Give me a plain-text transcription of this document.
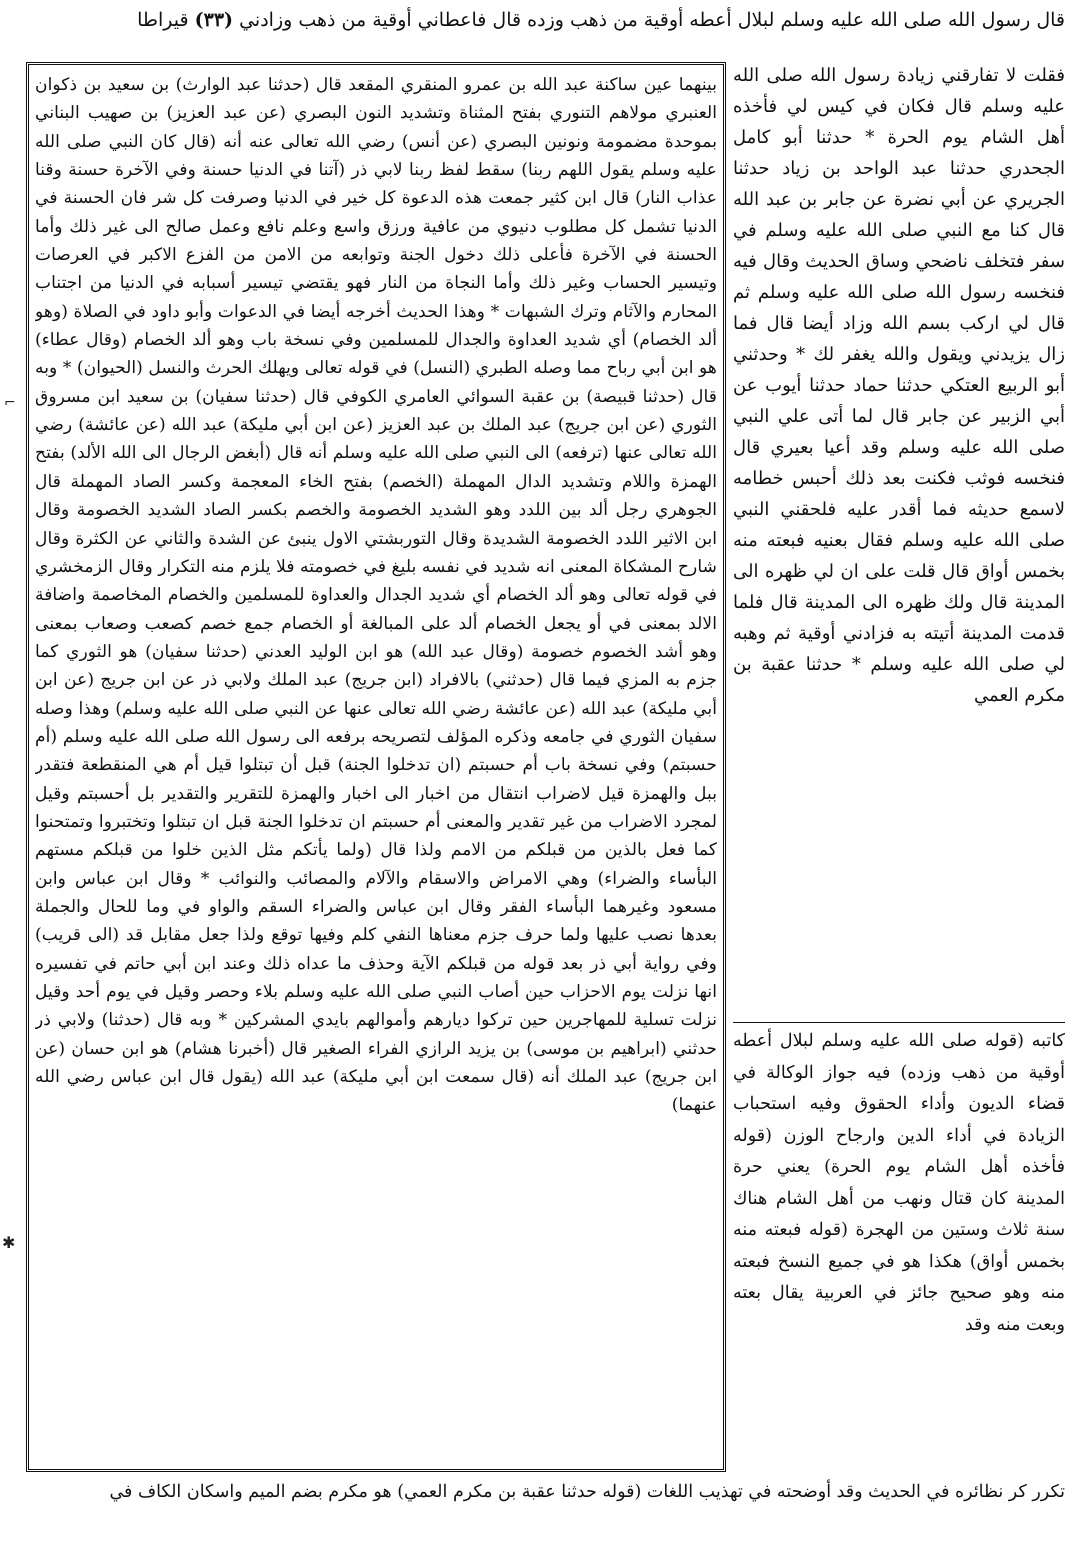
قال رسول الله صلى الله عليه وسلم لبلال أعطه أوقية من ذهب وزده قال فاعطاني أوقية من ذهب وزادني (٣٣) قيراطا

بينهما عين ساكنة عبد الله بن عمرو المنقري المقعد قال (حدثنا عبد الوارث) بن سعيد بن ذكوان العنبري مولاهم التنوري بفتح المثناة وتشديد النون البصري (عن عبد العزيز) بن صهيب البناني بموحدة مضمومة ونونين البصري (عن أنس) رضي الله تعالى عنه أنه (قال كان النبي صلى الله عليه وسلم يقول اللهم ربنا) سقط لفظ ربنا لابي ذر (آتنا في الدنيا حسنة وفي الآخرة حسنة وقنا عذاب النار) قال ابن كثير جمعت هذه الدعوة كل خير في الدنيا وصرفت كل شر فان الحسنة في الدنيا تشمل كل مطلوب دنيوي من عافية ورزق واسع وعلم نافع وعمل صالح الى غير ذلك وأما الحسنة في الآخرة فأعلى ذلك دخول الجنة وتوابعه من الامن من الفزع الاكبر في العرصات وتيسير الحساب وغير ذلك وأما النجاة من النار فهو يقتضي تيسير أسبابه في الدنيا من اجتناب المحارم والآثام وترك الشبهات * وهذا الحديث أخرجه أيضا في الدعوات وأبو داود في الصلاة (وهو ألد الخصام) أي شديد العداوة والجدال للمسلمين وفي نسخة باب وهو ألد الخصام (وقال عطاء) هو ابن أبي رباح مما وصله الطبري (النسل) في قوله تعالى ويهلك الحرث والنسل (الحيوان) * وبه قال (حدثنا قبيصة) بن عقبة السوائي العامري الكوفي قال (حدثنا سفيان) بن سعيد ابن مسروق الثوري (عن ابن جريج) عبد الملك بن عبد العزيز (عن ابن أبي مليكة) عبد الله (عن عائشة) رضي الله تعالى عنها (ترفعه) الى النبي صلى الله عليه وسلم أنه قال (أبغض الرجال الى الله الألد) بفتح الهمزة واللام وتشديد الدال المهملة (الخصم) بفتح الخاء المعجمة وكسر الصاد المهملة قال الجوهري رجل ألد بين اللدد وهو الشديد الخصومة والخصم بكسر الصاد الشديد الخصومة وقال ابن الاثير اللدد الخصومة الشديدة وقال التوربشتي الاول ينبئ عن الشدة والثاني عن الكثرة وقال شارح المشكاة المعنى انه شديد في نفسه بليغ في خصومته فلا يلزم منه التكرار وقال الزمخشري في قوله تعالى وهو ألد الخصام أي شديد الجدال والعداوة للمسلمين والخصام المخاصمة واضافة الالد بمعنى في أو يجعل الخصام ألد على المبالغة أو الخصام جمع خصم كصعب وصعاب بمعنى وهو أشد الخصوم خصومة (وقال عبد الله) هو ابن الوليد العدني (حدثنا سفيان) هو الثوري كما جزم به المزي فيما قال (حدثني) بالافراد (ابن جريج) عبد الملك ولابي ذر عن ابن جريج (عن ابن أبي مليكة) عبد الله (عن عائشة رضي الله تعالى عنها عن النبي صلى الله عليه وسلم) وهذا وصله سفيان الثوري في جامعه وذكره المؤلف لتصريحه برفعه الى رسول الله صلى الله عليه وسلم (أم حسبتم) وفي نسخة باب أم حسبتم (ان تدخلوا الجنة) قبل أن تبتلوا قيل أم هي المنقطعة فتقدر ببل والهمزة قيل لاضراب انتقال من اخبار الى اخبار والهمزة للتقرير والتقدير بل أحسبتم وقيل لمجرد الاضراب من غير تقدير والمعنى أم حسبتم ان تدخلوا الجنة قبل ان تبتلوا وتختبروا وتمتحنوا كما فعل بالذين من قبلكم من الامم ولذا قال (ولما يأتكم مثل الذين خلوا من قبلكم مستهم البأساء والضراء) وهي الامراض والاسقام والآلام والمصائب والنوائب * وقال ابن عباس وابن مسعود وغيرهما البأساء الفقر وقال ابن عباس والضراء السقم والواو في وما للحال والجملة بعدها نصب عليها ولما حرف جزم معناها النفي كلم وفيها توقع ولذا جعل مقابل قد (الى قريب) وفي رواية أبي ذر بعد قوله من قبلكم الآية وحذف ما عداه ذلك وعند ابن أبي حاتم في تفسيره انها نزلت يوم الاحزاب حين أصاب النبي صلى الله عليه وسلم بلاء وحصر وقيل في يوم أحد وقيل نزلت تسلية للمهاجرين حين تركوا ديارهم وأموالهم بايدي المشركين * وبه قال (حدثنا) ولابي ذر حدثني (ابراهيم بن موسى) بن يزيد الرازي الفراء الصغير قال (أخبرنا هشام) هو ابن حسان (عن ابن جريج) عبد الملك أنه (قال سمعت ابن أبي مليكة) عبد الله (يقول قال ابن عباس رضي الله عنهما)

فقلت لا تفارقني زيادة رسول الله صلى الله عليه وسلم قال فكان في كيس لي فأخذه أهل الشام يوم الحرة * حدثنا أبو كامل الجحدري حدثنا عبد الواحد بن زياد حدثنا الجريري عن أبي نضرة عن جابر بن عبد الله قال كنا مع النبي صلى الله عليه وسلم في سفر فتخلف ناضحي وساق الحديث وقال فيه فنخسه رسول الله صلى الله عليه وسلم ثم قال لي اركب بسم الله وزاد أيضا قال فما زال يزيدني ويقول والله يغفر لك * وحدثني أبو الربيع العتكي حدثنا حماد حدثنا أيوب عن أبي الزبير عن جابر قال لما أتى علي النبي صلى الله عليه وسلم وقد أعيا بعيري قال فنخسه فوثب فكنت بعد ذلك أحبس خطامه لاسمع حديثه فما أقدر عليه فلحقني النبي صلى الله عليه وسلم فقال بعنيه فبعته منه بخمس أواق قال قلت على ان لي ظهره الى المدينة قال ولك ظهره الى المدينة قال فلما قدمت المدينة أتيته به فزادني أوقية ثم وهبه لي صلى الله عليه وسلم * حدثنا عقبة بن مكرم العمي

كاتبه (قوله صلى الله عليه وسلم لبلال أعطه أوقية من ذهب وزده) فيه جواز الوكالة في قضاء الديون وأداء الحقوق وفيه استحباب الزيادة في أداء الدين وارجاح الوزن (قوله فأخذه أهل الشام يوم الحرة) يعني حرة المدينة كان قتال ونهب من أهل الشام هناك سنة ثلاث وستين من الهجرة (قوله فبعته منه بخمس أواق) هكذا هو في جميع النسخ فبعته منه وهو صحيح جائز في العربية يقال بعته وبعت منه وقد

تكرر كر نظائره في الحديث وقد أوضحته في تهذيب اللغات (قوله حدثنا عقبة بن مكرم العمي) هو مكرم بضم الميم واسكان الكاف في
⌐
✱
